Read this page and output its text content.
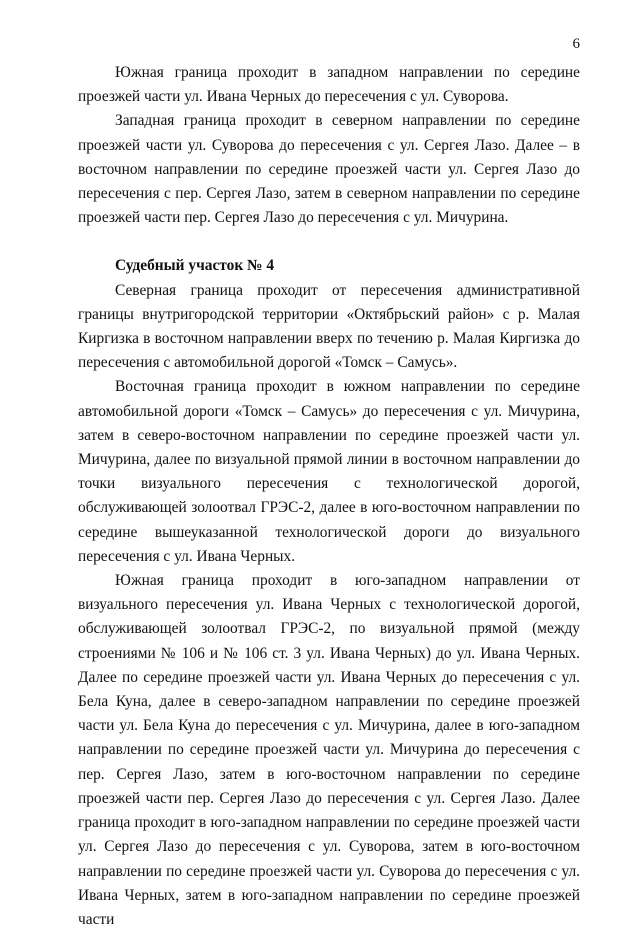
6

Южная граница проходит в западном направлении по середине проезжей части ул. Ивана Черных до пересечения с ул. Суворова.

Западная граница проходит в северном направлении по середине проезжей части ул. Суворова до пересечения с ул. Сергея Лазо. Далее – в восточном направлении по середине проезжей части ул. Сергея Лазо до пересечения с пер. Сергея Лазо, затем в северном направлении по середине проезжей части пер. Сергея Лазо до пересечения с ул. Мичурина.

Судебный участок № 4

Северная граница проходит от пересечения административной границы внутригородской территории «Октябрьский район» с р. Малая Киргизка в восточном направлении вверх по течению р. Малая Киргизка до пересечения с автомобильной дорогой «Томск – Самусь».

Восточная граница проходит в южном направлении по середине автомобильной дороги «Томск – Самусь» до пересечения с ул. Мичурина, затем в северо-восточном направлении по середине проезжей части ул. Мичурина, далее по визуальной прямой линии в восточном направлении до точки визуального пересечения с технологической дорогой, обслуживающей золоотвал ГРЭС-2, далее в юго-восточном направлении по середине вышеуказанной технологической дороги до визуального пересечения с ул. Ивана Черных.

Южная граница проходит в юго-западном направлении от визуального пересечения ул. Ивана Черных с технологической дорогой, обслуживающей золоотвал ГРЭС-2, по визуальной прямой (между строениями № 106 и № 106 ст. 3 ул. Ивана Черных) до ул. Ивана Черных. Далее по середине проезжей части ул. Ивана Черных до пересечения с ул. Бела Куна, далее в северо-западном направлении по середине проезжей части ул. Бела Куна до пересечения с ул. Мичурина, далее в юго-западном направлении по середине проезжей части ул. Мичурина до пересечения с пер. Сергея Лазо, затем в юго-восточном направлении по середине проезжей части пер. Сергея Лазо до пересечения с ул. Сергея Лазо. Далее граница проходит в юго-западном направлении по середине проезжей части ул. Сергея Лазо до пересечения с ул. Суворова, затем в юго-восточном направлении по середине проезжей части ул. Суворова до пересечения с ул. Ивана Черных, затем в юго-западном направлении по середине проезжей части
